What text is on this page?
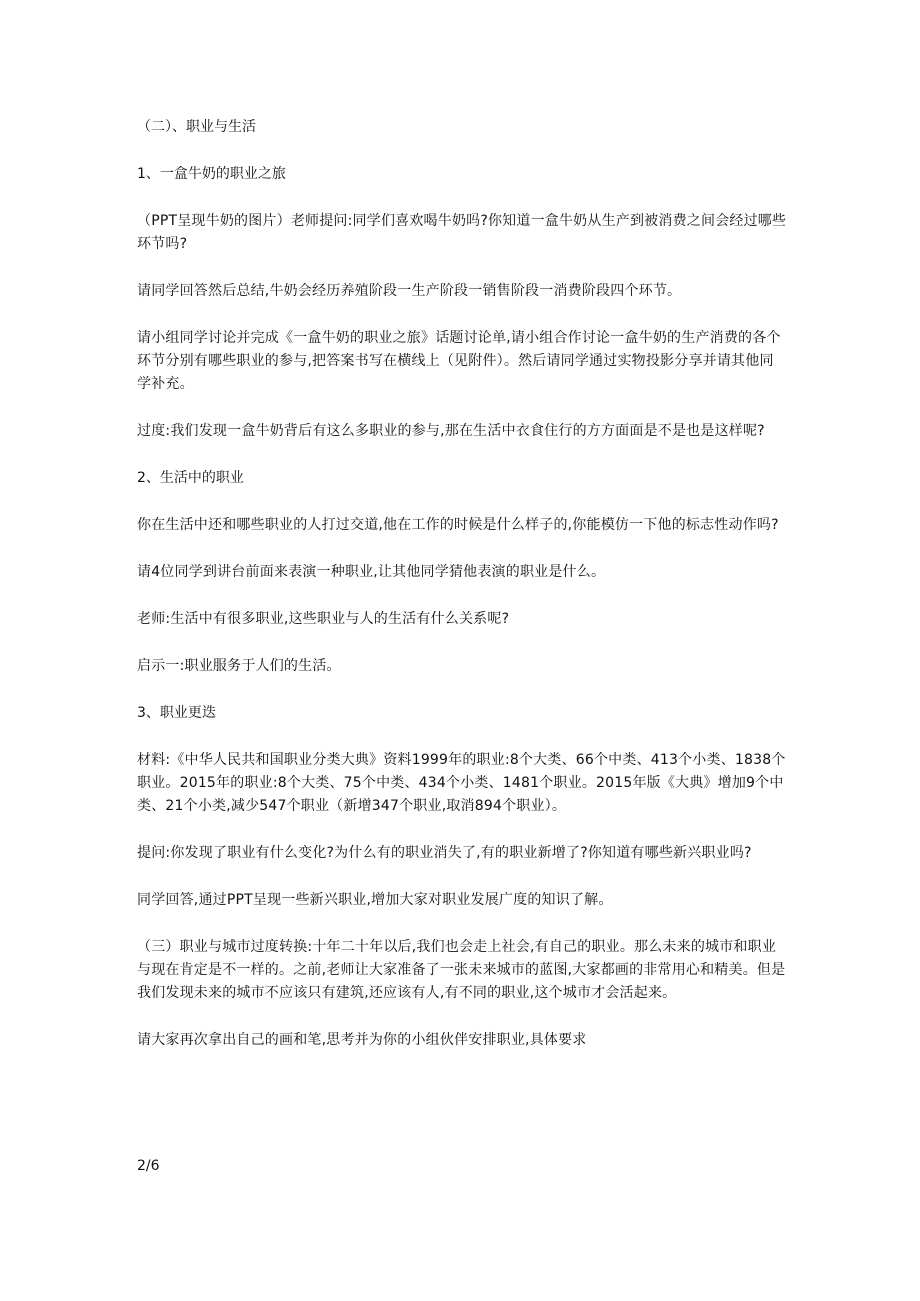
（二）、职业与生活

1、一盒牛奶的职业之旅

（PPT呈现牛奶的图片）老师提问:同学们喜欢喝牛奶吗?你知道一盒牛奶从生产到被消费之间会经过哪些环节吗?

请同学回答然后总结,牛奶会经历养殖阶段一生产阶段一销售阶段一消费阶段四个环节。

请小组同学讨论并完成《一盒牛奶的职业之旅》话题讨论单,请小组合作讨论一盒牛奶的生产消费的各个环节分别有哪些职业的参与,把答案书写在横线上（见附件）。然后请同学通过实物投影分享并请其他同学补充。

过度:我们发现一盒牛奶背后有这么多职业的参与,那在生活中衣食住行的方方面面是不是也是这样呢?

2、生活中的职业

你在生活中还和哪些职业的人打过交道,他在工作的时候是什么样子的,你能模仿一下他的标志性动作吗?

请4位同学到讲台前面来表演一种职业,让其他同学猜他表演的职业是什么。

老师:生活中有很多职业,这些职业与人的生活有什么关系呢?

启示一:职业服务于人们的生活。

3、职业更迭

材料:《中华人民共和国职业分类大典》资料1999年的职业:8个大类、66个中类、413个小类、1838个职业。2015年的职业:8个大类、75个中类、434个小类、1481个职业。2015年版《大典》增加9个中类、21个小类,减少547个职业（新增347个职业,取消894个职业）。

提问:你发现了职业有什么变化?为什么有的职业消失了,有的职业新增了?你知道有哪些新兴职业吗?

同学回答,通过PPT呈现一些新兴职业,增加大家对职业发展广度的知识了解。

（三）职业与城市过度转换:十年二十年以后,我们也会走上社会,有自己的职业。那么未来的城市和职业与现在肯定是不一样的。之前,老师让大家准备了一张未来城市的蓝图,大家都画的非常用心和精美。但是我们发现未来的城市不应该只有建筑,还应该有人,有不同的职业,这个城市才会活起来。

请大家再次拿出自己的画和笔,思考并为你的小组伙伴安排职业,具体要求

2/6
